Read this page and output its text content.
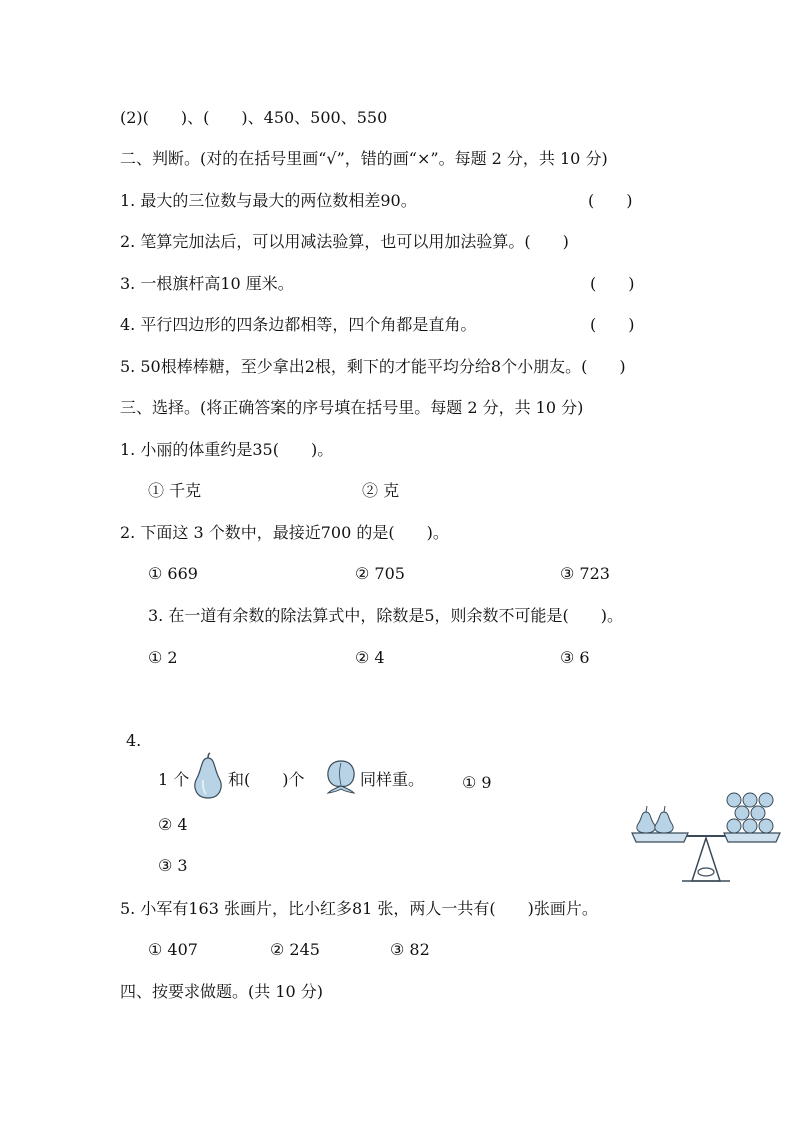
(2)(　　)、(　　)、450、500、550
二、判断。(对的在括号里画“√”，错的画“×”。每题 2 分，共 10 分)
1. 最大的三位数与最大的两位数相差90。	(　　)
2. 笔算完加法后，可以用减法验算，也可以用加法验算。(　　)
3. 一根旗杆高10 厘米。	(　　)
4. 平行四边形的四条边都相等，四个角都是直角。	(　　)
5. 50根棒棒糖，至少拿出2根，剩下的才能平均分给8个小朋友。(　　)
三、选择。(将正确答案的序号填在括号里。每题 2 分，共 10 分)
1. 小丽的体重约是35(　　)。
① 千克	② 克
2. 下面这 3 个数中，最接近700 的是(　　)。
① 669	② 705	③ 723
3. 在一道有余数的除法算式中，除数是5，则余数不可能是(　　)。
① 2	② 4	③ 6
4.
1 个 和(　　)个	同样重。 ① 9
② 4
③ 3
5. 小军有163 张画片，比小红多81 张，两人一共有(　　)张画片。
① 407	② 245	③ 82
四、按要求做题。(共 10 分)
